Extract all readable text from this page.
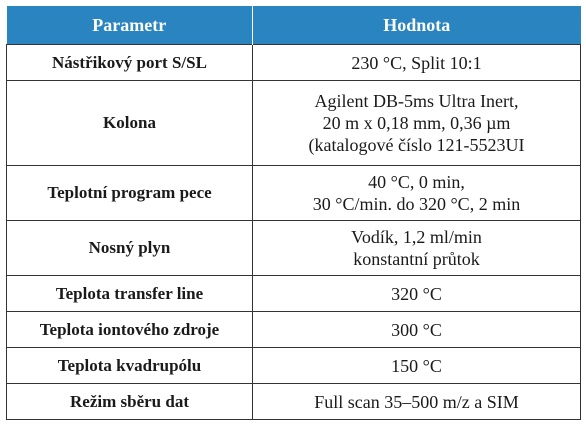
Parametr	Hodnota
Nástřikový port S/SL	230 °C, Split 10:1

Kolona	Agilent DB-5ms Ultra Inert,
20 m x 0,18 mm, 0,36 µm
(katalogové číslo 121-5523UI

Teplotní program pece	40 °C, 0 min,
30 °C/min. do 320 °C, 2 min

Nosný plyn	Vodík, 1,2 ml/min
konstantní průtok

Teplota transfer line	320 °C

Teplota iontového zdroje	300 °C

Teplota kvadrupólu	150 °C

Režim sběru dat	Full scan 35–500 m/z a SIM
